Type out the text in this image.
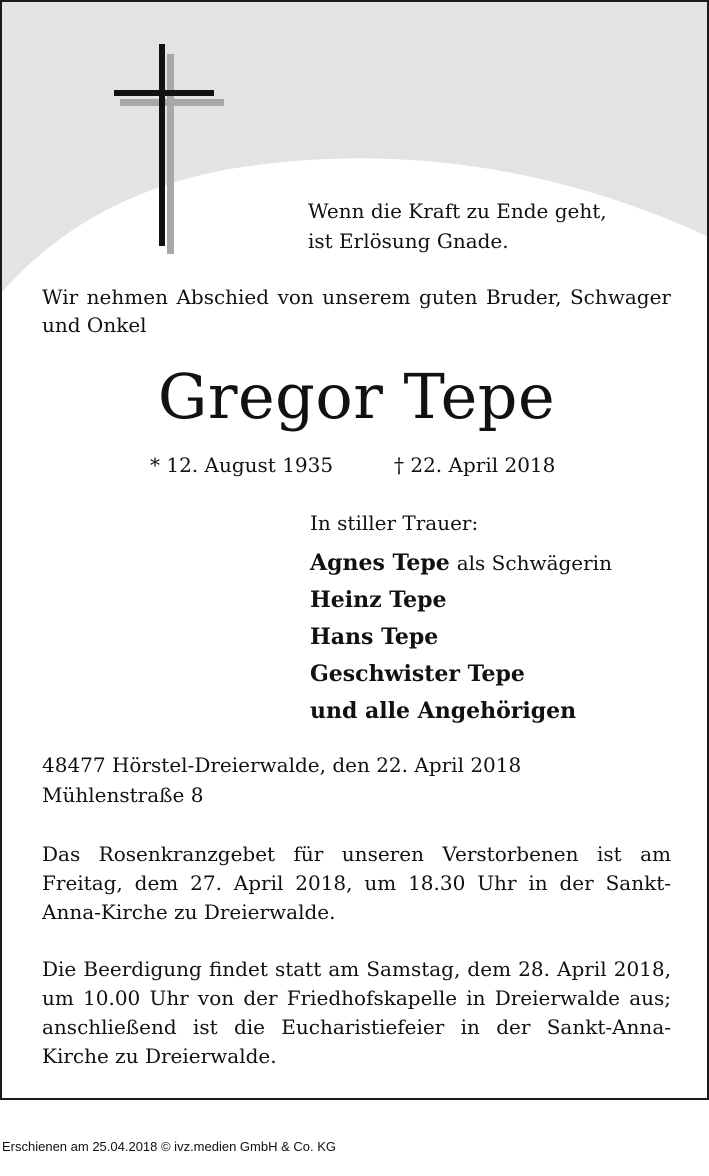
Wenn die Kraft zu Ende geht,
ist Erlösung Gnade.

Wir nehmen Abschied von unserem guten Bruder, Schwager und Onkel

Gregor Tepe
* 12. August 1935	† 22. April 2018
In stiller Trauer:
Agnes Tepe als Schwägerin
Heinz Tepe
Hans Tepe
Geschwister Tepe
und alle Angehörigen
48477 Hörstel-Dreierwalde, den 22. April 2018
Mühlenstraße 8

Das Rosenkranzgebet für unseren Verstorbenen ist am Freitag, dem 27. April 2018, um 18.30 Uhr in der Sankt-Anna-Kirche zu Dreierwalde.

Die Beerdigung findet statt am Samstag, dem 28. April 2018, um 10.00 Uhr von der Friedhofskapelle in Dreierwalde aus; anschließend ist die Eucharistiefeier in der Sankt-Anna-Kirche zu Dreierwalde.

Erschienen am 25.04.2018 © ivz.medien GmbH & Co. KG
